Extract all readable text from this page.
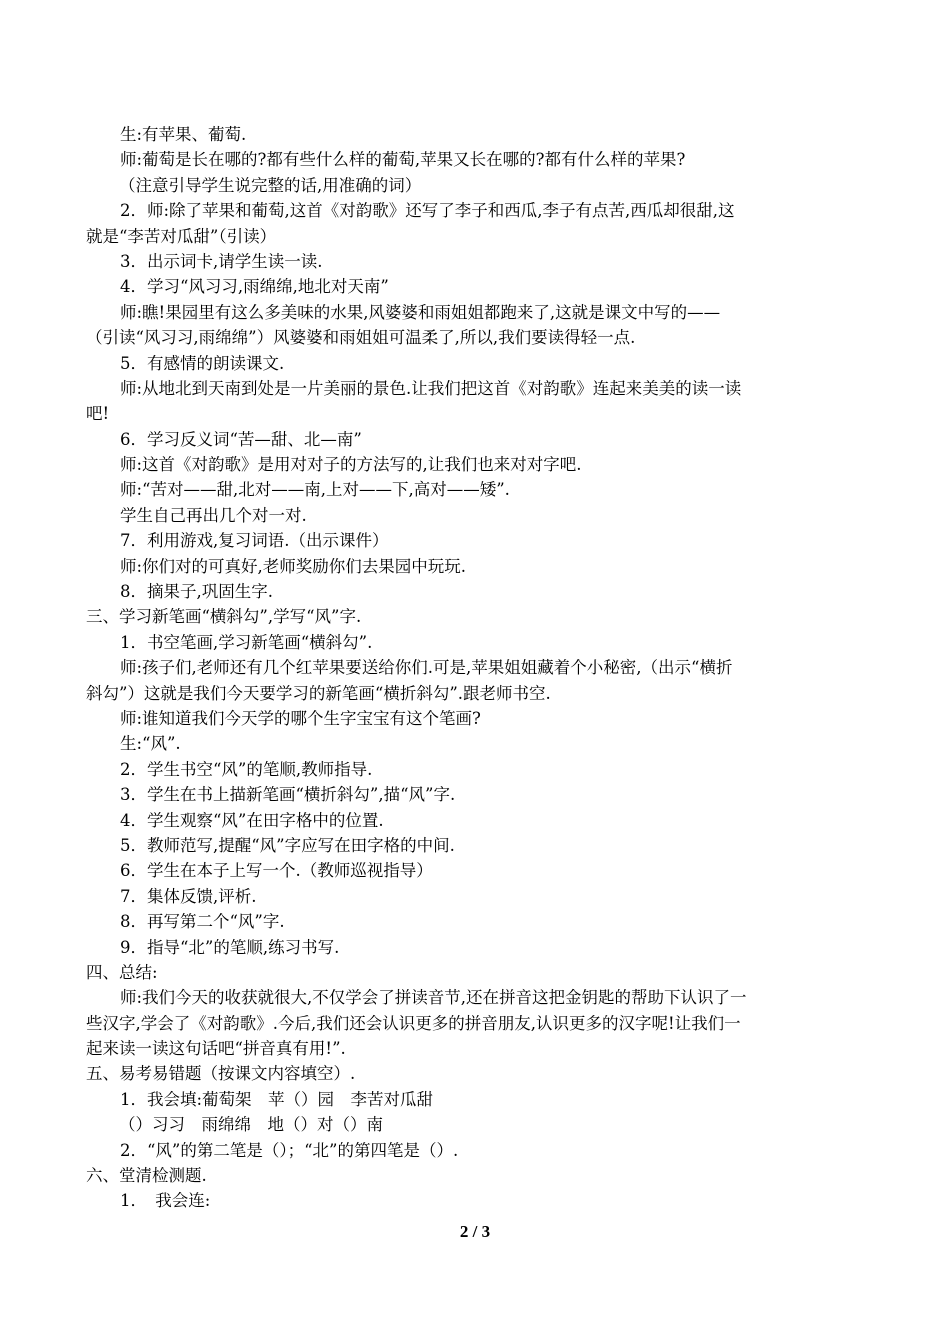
生:有苹果、葡萄.
师:葡萄是长在哪的?都有些什么样的葡萄,苹果又长在哪的?都有什么样的苹果?
（注意引导学生说完整的话,用准确的词）
2．师:除了苹果和葡萄,这首《对韵歌》还写了李子和西瓜,李子有点苦,西瓜却很甜,这
就是“李苦对瓜甜”（引读）
3．出示词卡,请学生读一读.
4．学习“风习习,雨绵绵,地北对天南”
师:瞧!果园里有这么多美味的水果,风婆婆和雨姐姐都跑来了,这就是课文中写的——
（引读“风习习,雨绵绵”）风婆婆和雨姐姐可温柔了,所以,我们要读得轻一点.
5．有感情的朗读课文.
师:从地北到天南到处是一片美丽的景色.让我们把这首《对韵歌》连起来美美的读一读
吧!
6．学习反义词“苦—甜、北—南”
师:这首《对韵歌》是用对对子的方法写的,让我们也来对对字吧.
师:“苦对——甜,北对——南,上对——下,高对——矮”.
学生自己再出几个对一对.
7．利用游戏,复习词语.（出示课件）
师:你们对的可真好,老师奖励你们去果园中玩玩.
8．摘果子,巩固生字.
三、学习新笔画“横斜勾”,学写“风”字.
1．书空笔画,学习新笔画“横斜勾”.
师:孩子们,老师还有几个红苹果要送给你们.可是,苹果姐姐藏着个小秘密,（出示“横折
斜勾”）这就是我们今天要学习的新笔画“横折斜勾”.跟老师书空.
师:谁知道我们今天学的哪个生字宝宝有这个笔画?
生:“风”.
2．学生书空“风”的笔顺,教师指导.
3．学生在书上描新笔画“横折斜勾”,描“风”字.
4．学生观察“风”在田字格中的位置.
5．教师范写,提醒“风”字应写在田字格的中间.
6．学生在本子上写一个.（教师巡视指导）
7．集体反馈,评析.
8．再写第二个“风”字.
9．指导“北”的笔顺,练习书写.
四、总结:
师:我们今天的收获就很大,不仅学会了拼读音节,还在拼音这把金钥匙的帮助下认识了一
些汉字,学会了《对韵歌》.今后,我们还会认识更多的拼音朋友,认识更多的汉字呢!让我们一
起来读一读这句话吧“拼音真有用!”.
五、易考易错题（按课文内容填空）.
1．我会填:葡萄架　苹（）园　李苦对瓜甜
（）习习　雨绵绵　地（）对（）南
2．“风”的第二笔是（）；“北”的第四笔是（）.
六、堂清检测题.
1．　我会连:
2 / 3
